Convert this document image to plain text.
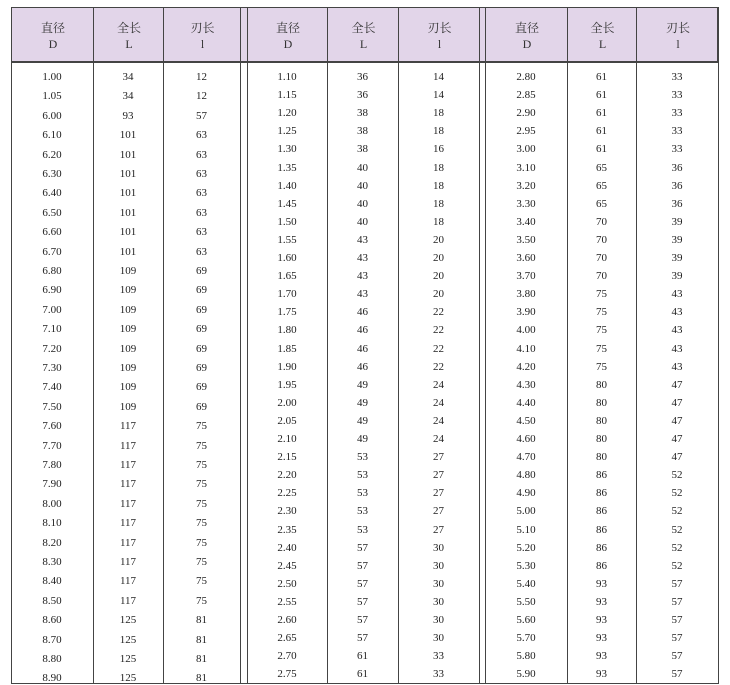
直径
D
全长
L
刃长
l
直径
D
全长
L
刃长
l
直径
D
全长
L
刃长
l
1.00
1.05
6.00
6.10
6.20
6.30
6.40
6.50
6.60
6.70
6.80
6.90
7.00
7.10
7.20
7.30
7.40
7.50
7.60
7.70
7.80
7.90
8.00
8.10
8.20
8.30
8.40
8.50
8.60
8.70
8.80
8.90
34
34
93
101
101
101
101
101
101
101
109
109
109
109
109
109
109
109
117
117
117
117
117
117
117
117
117
117
125
125
125
125
12
12
57
63
63
63
63
63
63
63
69
69
69
69
69
69
69
69
75
75
75
75
75
75
75
75
75
75
81
81
81
81
1.10
1.15
1.20
1.25
1.30
1.35
1.40
1.45
1.50
1.55
1.60
1.65
1.70
1.75
1.80
1.85
1.90
1.95
2.00
2.05
2.10
2.15
2.20
2.25
2.30
2.35
2.40
2.45
2.50
2.55
2.60
2.65
2.70
2.75
36
36
38
38
38
40
40
40
40
43
43
43
43
46
46
46
46
49
49
49
49
53
53
53
53
53
57
57
57
57
57
57
61
61
14
14
18
18
16
18
18
18
18
20
20
20
20
22
22
22
22
24
24
24
24
27
27
27
27
27
30
30
30
30
30
30
33
33
2.80
2.85
2.90
2.95
3.00
3.10
3.20
3.30
3.40
3.50
3.60
3.70
3.80
3.90
4.00
4.10
4.20
4.30
4.40
4.50
4.60
4.70
4.80
4.90
5.00
5.10
5.20
5.30
5.40
5.50
5.60
5.70
5.80
5.90
61
61
61
61
61
65
65
65
70
70
70
70
75
75
75
75
75
80
80
80
80
80
86
86
86
86
86
86
93
93
93
93
93
93
33
33
33
33
33
36
36
36
39
39
39
39
43
43
43
43
43
47
47
47
47
47
52
52
52
52
52
52
57
57
57
57
57
57
